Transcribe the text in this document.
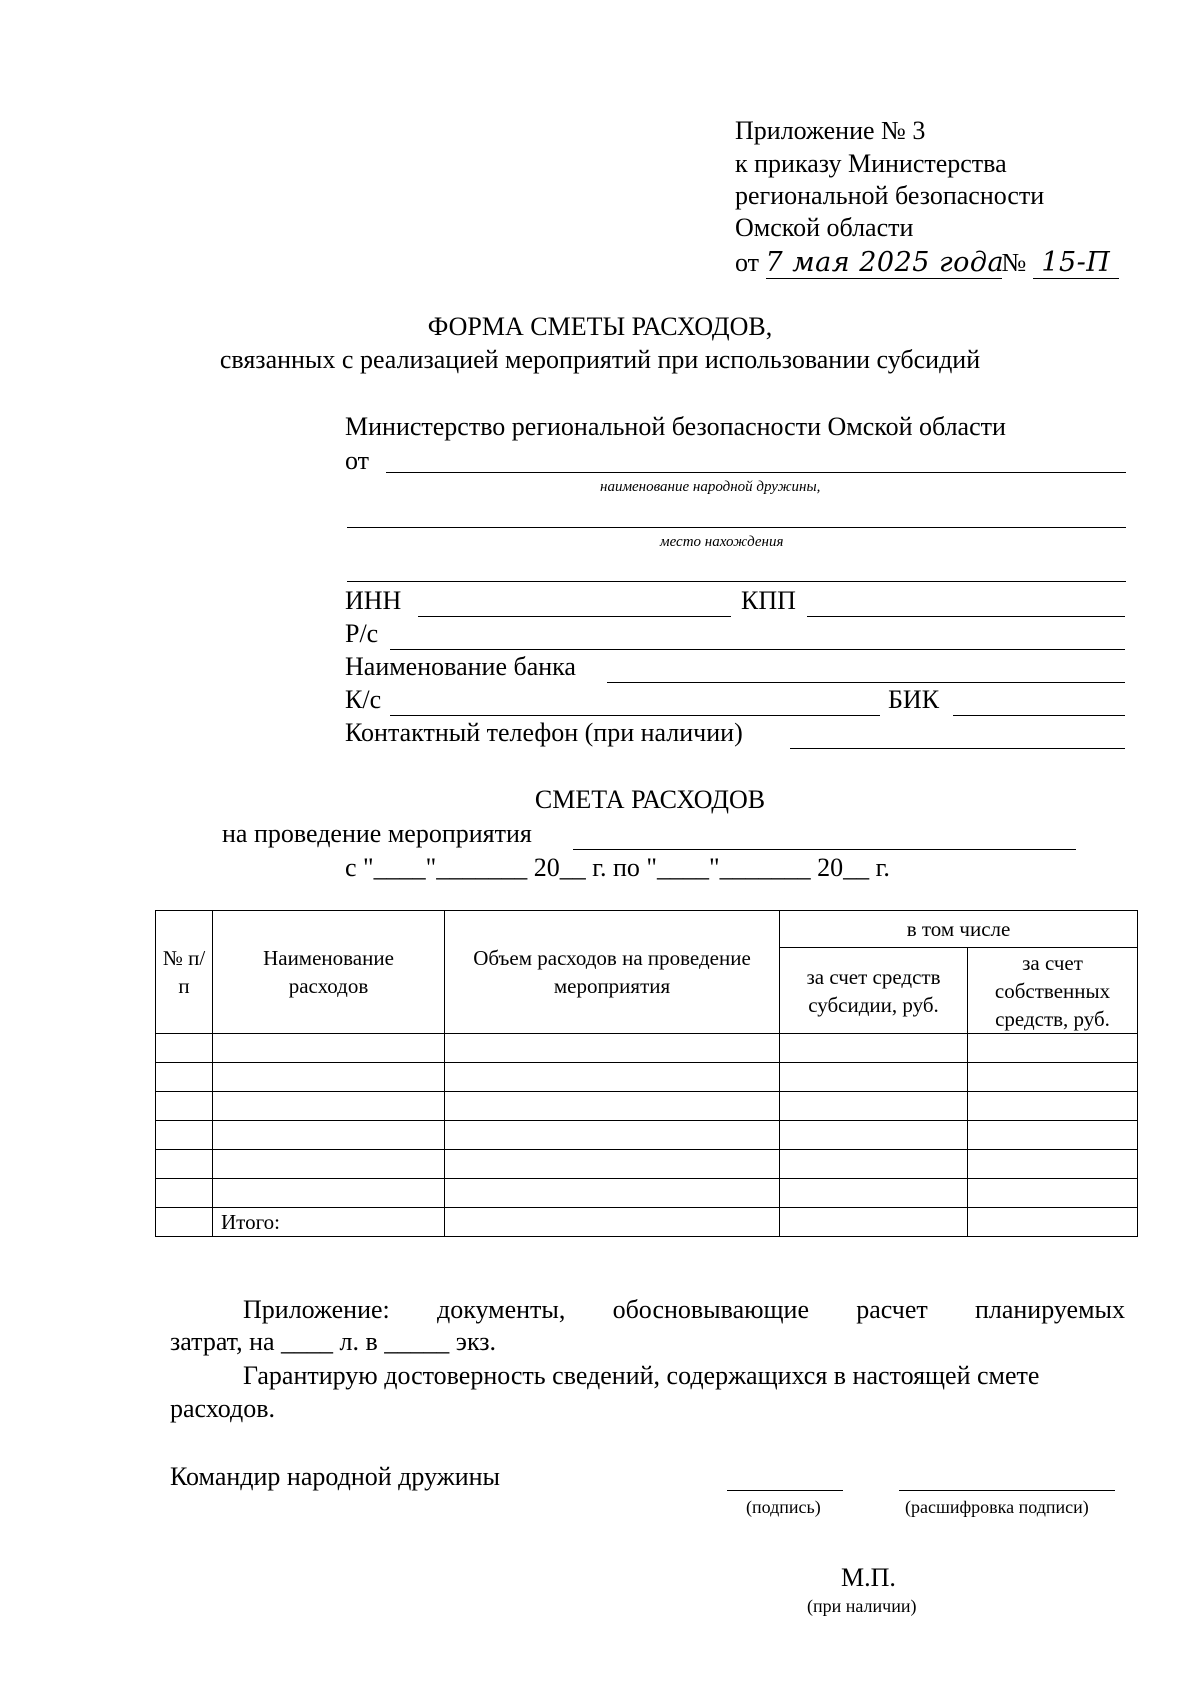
Приложение № 3
к приказу Министерства
региональной безопасности
Омской области
от 7 мая 2025 года№ 15-П
ФОРМА СМЕТЫ РАСХОДОВ,
связанных с реализацией мероприятий при использовании субсидий
Министерство региональной безопасности Омской области
от
наименование народной дружины,
место нахождения
ИНН	КПП
Р/с
Наименование банка
К/с	БИК
Контактный телефон (при наличии)
СМЕТА РАСХОДОВ
на проведение мероприятия
с "____"_______ 20__ г. по "____"_______ 20__ г.
№ п/п	Наименование расходов	Объем расходов на проведение мероприятия	в том числе	
			за счет средств субсидии, руб.	за счет собственных средств, руб.

	Итого:			
Приложение: документы, обосновывающие расчет планируемых
затрат, на ____ л. в _____ экз.
Гарантирую достоверность сведений, содержащихся в настоящей смете
расходов.
Командир народной дружины
(подпись)	(расшифровка подписи)
М.П.
(при наличии)
